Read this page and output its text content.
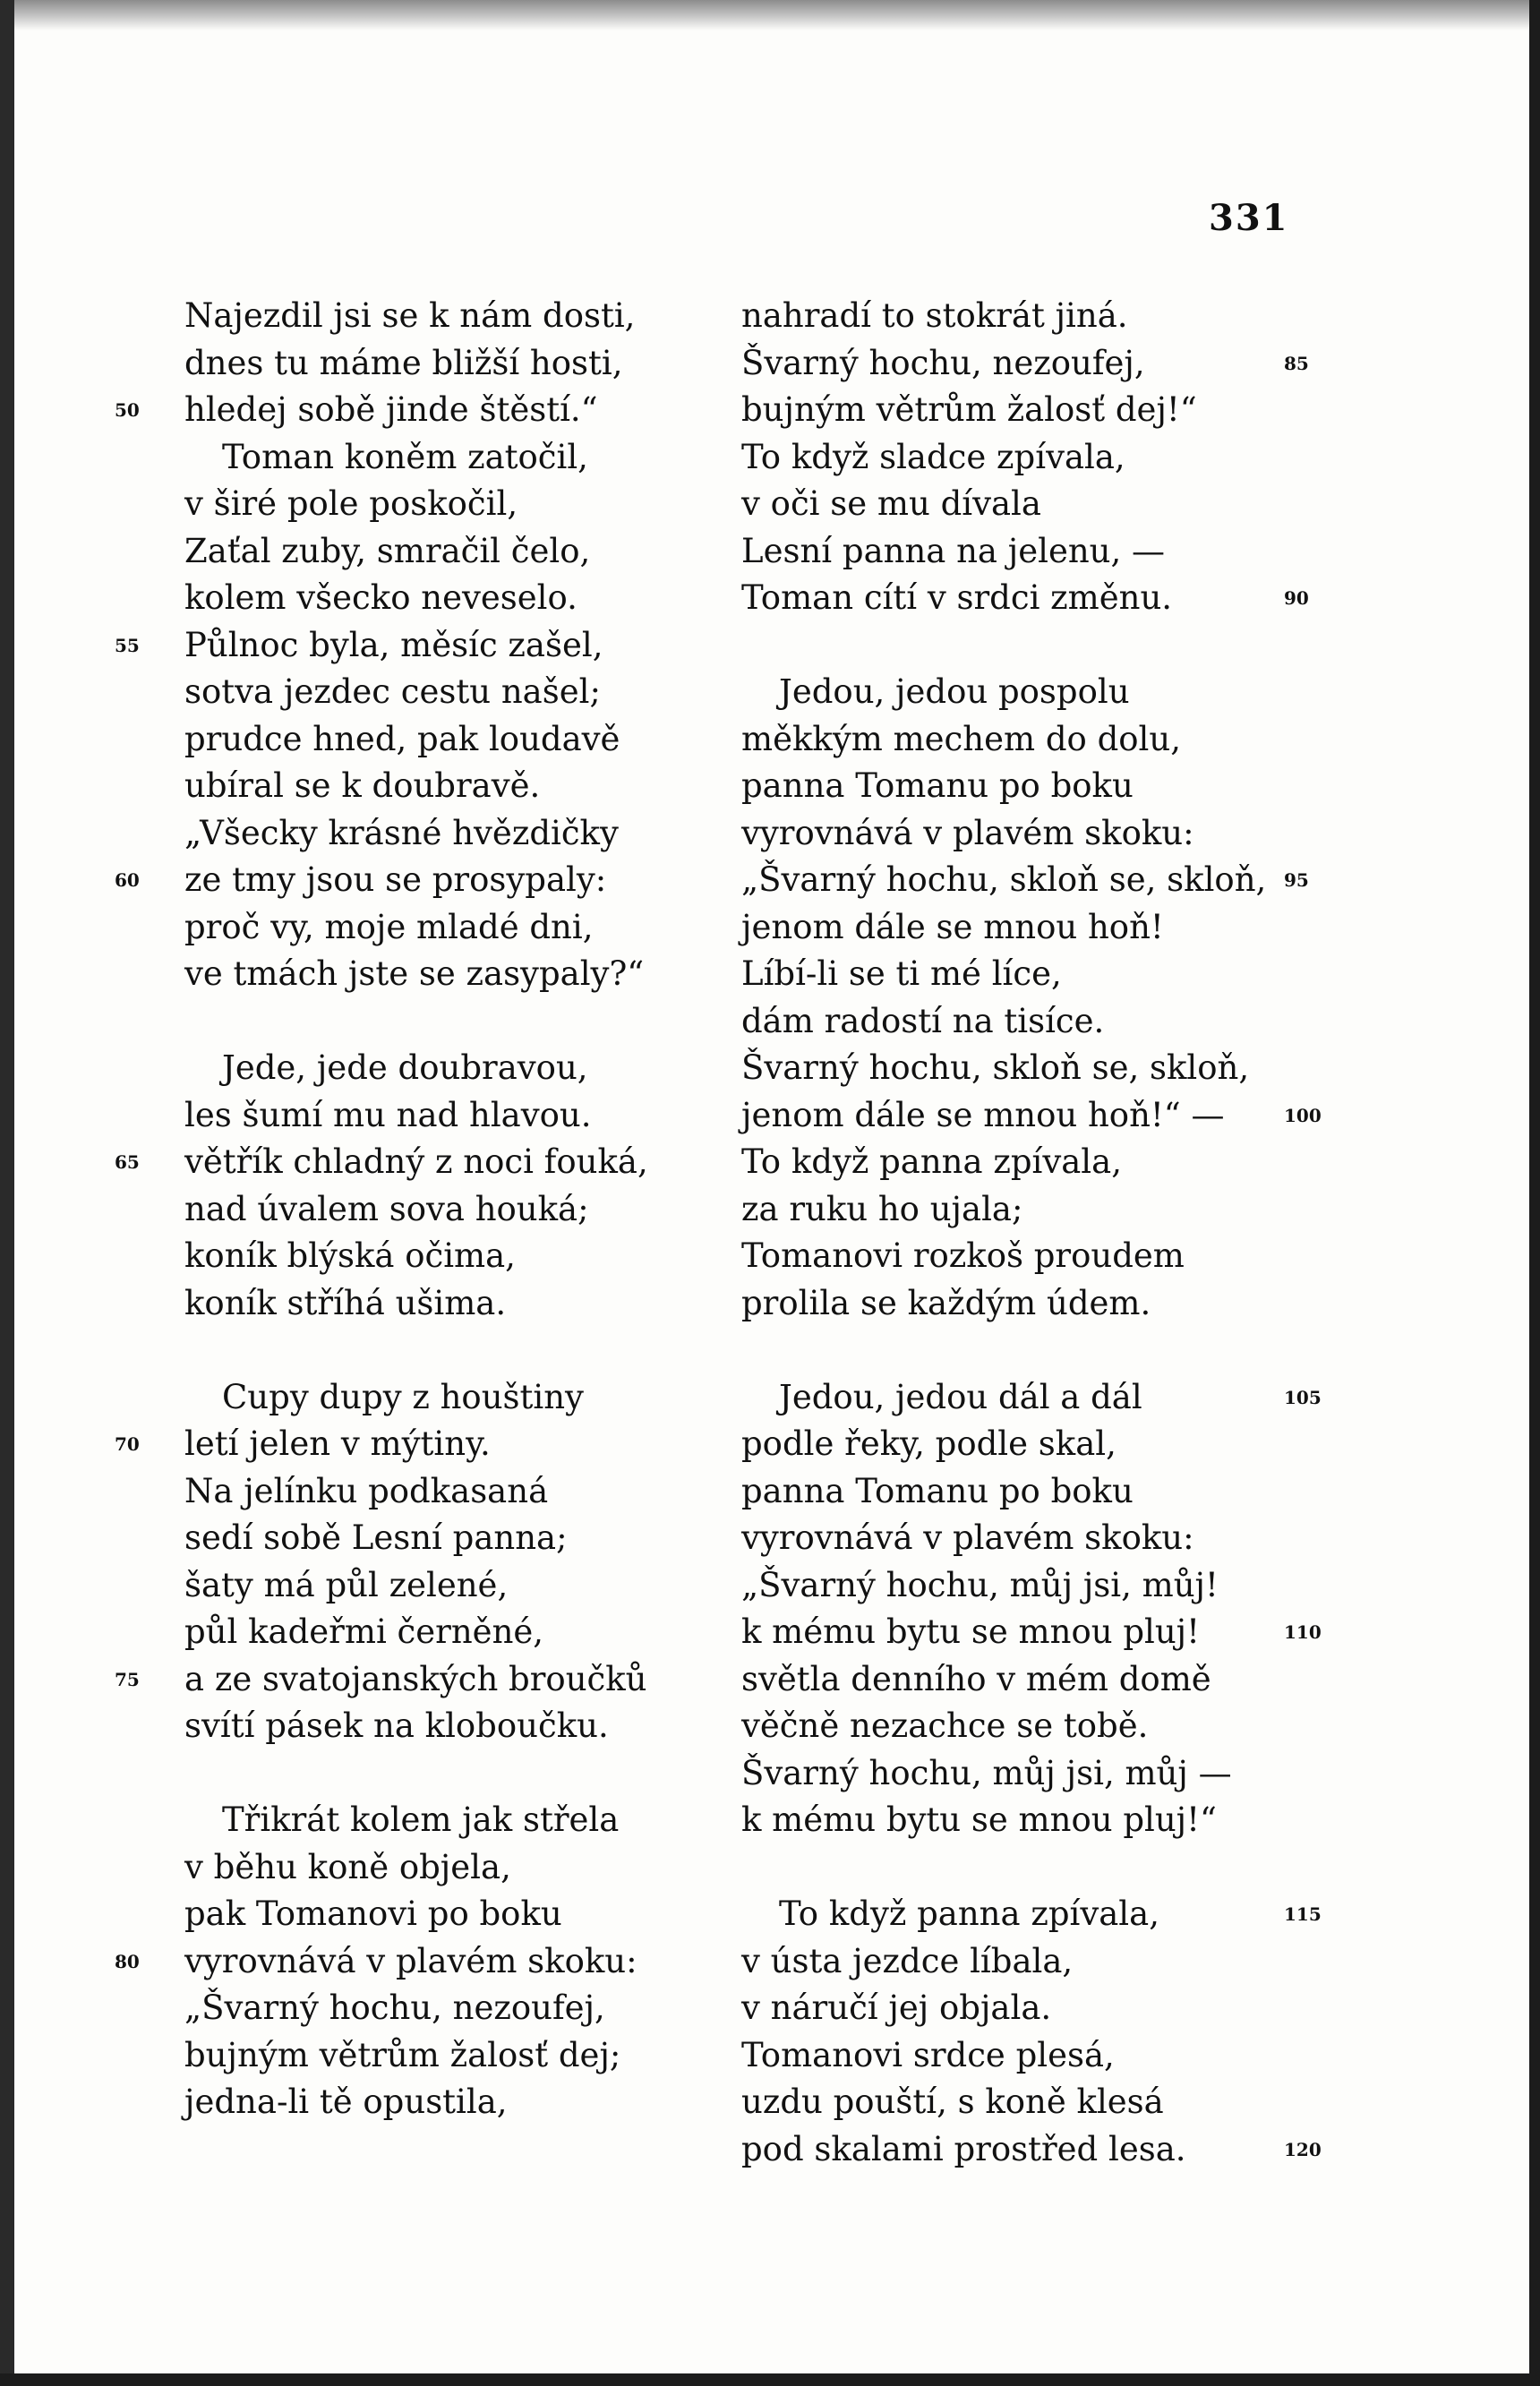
331
Najezdil jsi se k nám dosti,
dnes tu máme bližší hosti,
hledej sobě jinde štěstí.“
Toman koněm zatočil,
v širé pole poskočil,
Zaťal zuby, smračil čelo,
kolem všecko neveselo.
Půlnoc byla, měsíc zašel,
sotva jezdec cestu našel;
prudce hned, pak loudavě
ubíral se k doubravě.
„Všecky krásné hvězdičky
ze tmy jsou se prosypaly:
proč vy, moje mladé dni,
ve tmách jste se zasypaly?“
Jede, jede doubravou,
les šumí mu nad hlavou.
větřík chladný z noci fouká,
nad úvalem sova houká;
koník blýská očima,
koník stříhá ušima.
Cupy dupy z houštiny
letí jelen v mýtiny.
Na jelínku podkasaná
sedí sobě Lesní panna;
šaty má půl zelené,
půl kadeřmi černěné,
a ze svatojanských broučků
svítí pásek na kloboučku.
Třikrát kolem jak střela
v běhu koně objela,
pak Tomanovi po boku
vyrovnává v plavém skoku:
„Švarný hochu, nezoufej,
bujným větrům žalosť dej;
jedna-li tě opustila,
nahradí to stokrát jiná.
Švarný hochu, nezoufej,
bujným větrům žalosť dej!“
To když sladce zpívala,
v oči se mu dívala
Lesní panna na jelenu, —
Toman cítí v srdci změnu.
Jedou, jedou pospolu
měkkým mechem do dolu,
panna Tomanu po boku
vyrovnává v plavém skoku:
„Švarný hochu, skloň se, skloň,
jenom dále se mnou hoň!
Líbí-li se ti mé líce,
dám radostí na tisíce.
Švarný hochu, skloň se, skloň,
jenom dále se mnou hoň!“ —
To když panna zpívala,
za ruku ho ujala;
Tomanovi rozkoš proudem
prolila se každým údem.
Jedou, jedou dál a dál
podle řeky, podle skal,
panna Tomanu po boku
vyrovnává v plavém skoku:
„Švarný hochu, můj jsi, můj!
k mému bytu se mnou pluj!
světla denního v mém domě
věčně nezachce se tobě.
Švarný hochu, můj jsi, můj —
k mému bytu se mnou pluj!“
To když panna zpívala,
v ústa jezdce líbala,
v náručí jej objala.
Tomanovi srdce plesá,
uzdu pouští, s koně klesá
pod skalami prostřed lesa.
50
55
60
65
70
75
80
85
90
95
100
105
110
115
120
